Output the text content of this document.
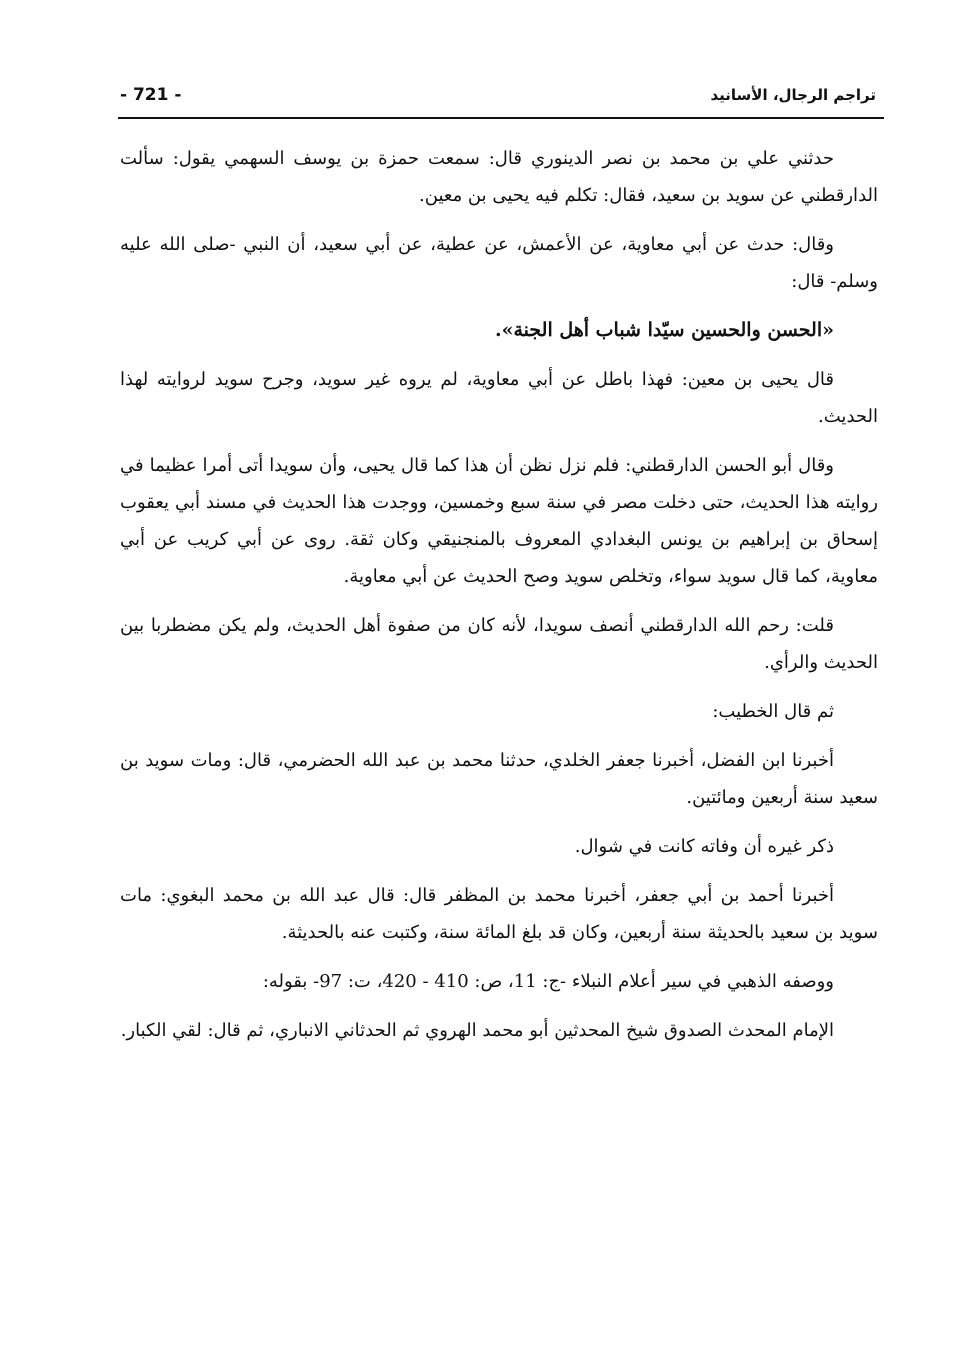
تراجم الرجال، الأسانيد
- 721 -

حدثني علي بن محمد بن نصر الدينوري قال: سمعت حمزة بن يوسف السهمي يقول: سألت الدارقطني عن سويد بن سعيد، فقال: تكلم فيه يحيى بن معين.

وقال: حدث عن أبي معاوية، عن الأعمش، عن عطية، عن أبي سعيد، أن النبي -صلى الله عليه وسلم- قال:

«الحسن والحسين سيّدا شباب أهل الجنة».

قال يحيى بن معين: فهذا باطل عن أبي معاوية، لم يروه غير سويد، وجرح سويد لروايته لهذا الحديث.

وقال أبو الحسن الدارقطني: فلم نزل نظن أن هذا كما قال يحيى، وأن سويدا أتى أمرا عظيما في روايته هذا الحديث، حتى دخلت مصر في سنة سبع وخمسين، ووجدت هذا الحديث في مسند أبي يعقوب إسحاق بن إبراهيم بن يونس البغدادي المعروف بالمنجنيقي وكان ثقة. روى عن أبي كريب عن أبي معاوية، كما قال سويد سواء، وتخلص سويد وصح الحديث عن أبي معاوية.

قلت: رحم الله الدارقطني أنصف سويدا، لأنه كان من صفوة أهل الحديث، ولم يكن مضطربا بين الحديث والرأي.

ثم قال الخطيب:

أخبرنا ابن الفضل، أخبرنا جعفر الخلدي، حدثنا محمد بن عبد الله الحضرمي، قال: ومات سويد بن سعيد سنة أربعين ومائتين.

ذكر غيره أن وفاته كانت في شوال.

أخبرنا أحمد بن أبي جعفر، أخبرنا محمد بن المظفر قال: قال عبد الله بن محمد البغوي: مات سويد بن سعيد بالحديثة سنة أربعين، وكان قد بلغ المائة سنة، وكتبت عنه بالحديثة.

ووصفه الذهبي في سير أعلام النبلاء -ج: 11، ص: 410 - 420، ت: 97- بقوله:

الإمام المحدث الصدوق شيخ المحدثين أبو محمد الهروي ثم الحدثاني الانباري، ثم قال: لقي الكبار.
